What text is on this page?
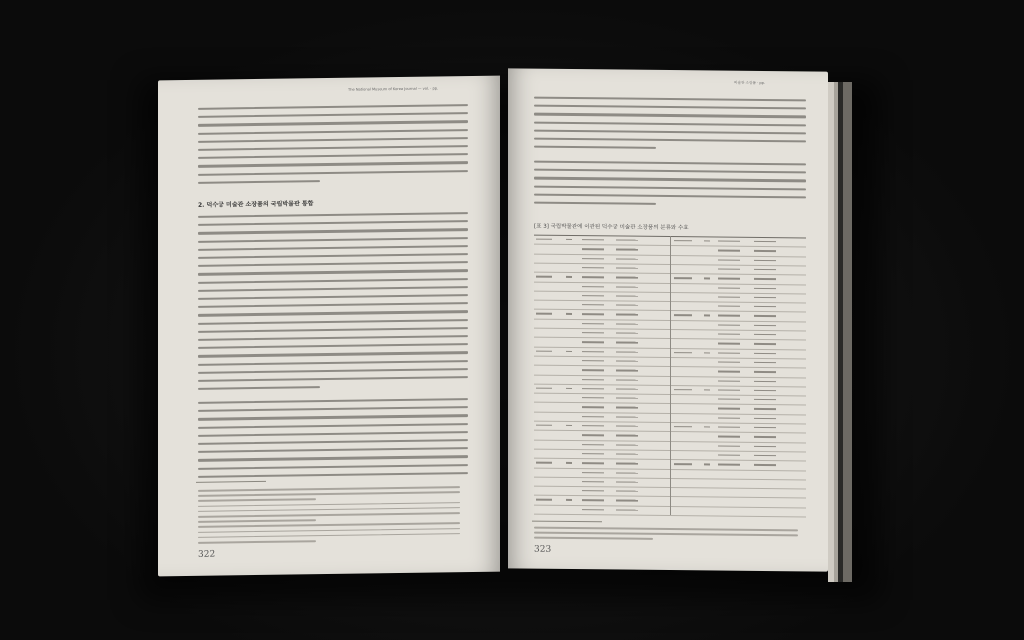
The National Museum of Korea Journal — vol. · pp.
2. 덕수궁 미술관 소장품의 국립박물관 통합
322
미술관 소장품 · pp.
[표 3] 국립박물관에 이관된 덕수궁 미술관 소장품의 분류와 수효
323
